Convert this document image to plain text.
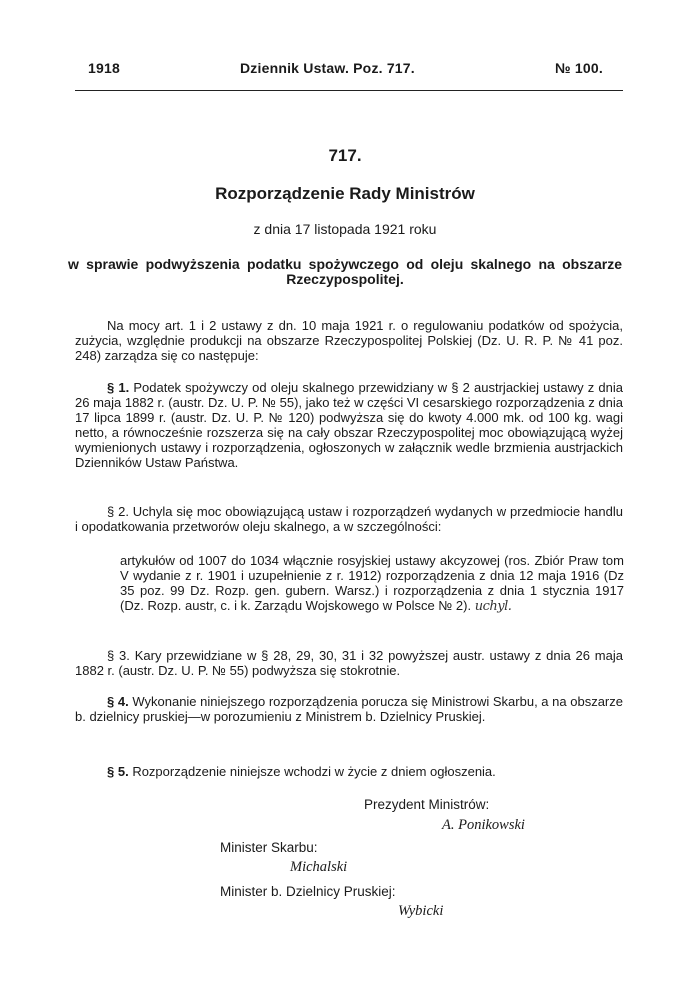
1918	Dziennik Ustaw. Poz. 717.	№ 100.
717.
Rozporządzenie Rady Ministrów
z dnia 17 listopada 1921 roku
w sprawie podwyższenia podatku spożywczego od oleju skalnego na obszarze Rzeczypospolitej.

Na mocy art. 1 i 2 ustawy z dn. 10 maja 1921 r. o regulowaniu podatków od spożycia, zużycia, względnie produkcji na obszarze Rzeczypospolitej Polskiej (Dz. U. R. P. № 41 poz. 248) zarządza się co następuje:

§ 1. Podatek spożywczy od oleju skalnego przewidziany w § 2 austrjackiej ustawy z dnia 26 maja 1882 r. (austr. Dz. U. P. № 55), jako też w części VI cesarskiego rozporządzenia z dnia 17 lipca 1899 r. (austr. Dz. U. P. № 120) podwyższa się do kwoty 4.000 mk. od 100 kg. wagi netto, a równocześnie rozszerza się na cały obszar Rzeczypospolitej moc obowiązującą wyżej wymienionych ustawy i rozporządzenia, ogłoszonych w załącznik wedle brzmienia austrjackich Dzienników Ustaw Państwa.

§ 2. Uchyla się moc obowiązującą ustaw i rozporządzeń wydanych w przedmiocie handlu i opodatkowania przetworów oleju skalnego, a w szczególności:

artykułów od 1007 do 1034 włącznie rosyjskiej ustawy akcyzowej (ros. Zbiór Praw tom V wydanie z r. 1901 i uzupełnienie z r. 1912) rozporządzenia z dnia 12 maja 1916 (Dz 35 poz. 99 Dz. Rozp. gen. gubern. Warsz.) i rozporządzenia z dnia 1 stycznia 1917 (Dz. Rozp. austr, c. i k. Zarządu Wojskowego w Polsce № 2). uchyl.

§ 3. Kary przewidziane w § 28, 29, 30, 31 i 32 powyższej austr. ustawy z dnia 26 maja 1882 r. (austr. Dz. U. P. № 55) podwyższa się stokrotnie.

§ 4. Wykonanie niniejszego rozporządzenia porucza się Ministrowi Skarbu, a na obszarze b. dzielnicy pruskiej—w porozumieniu z Ministrem b. Dzielnicy Pruskiej.

§ 5. Rozporządzenie niniejsze wchodzi w życie z dniem ogłoszenia.

Prezydent Ministrów:
A. Ponikowski
Minister Skarbu:
Michalski
Minister b. Dzielnicy Pruskiej:
Wybicki
